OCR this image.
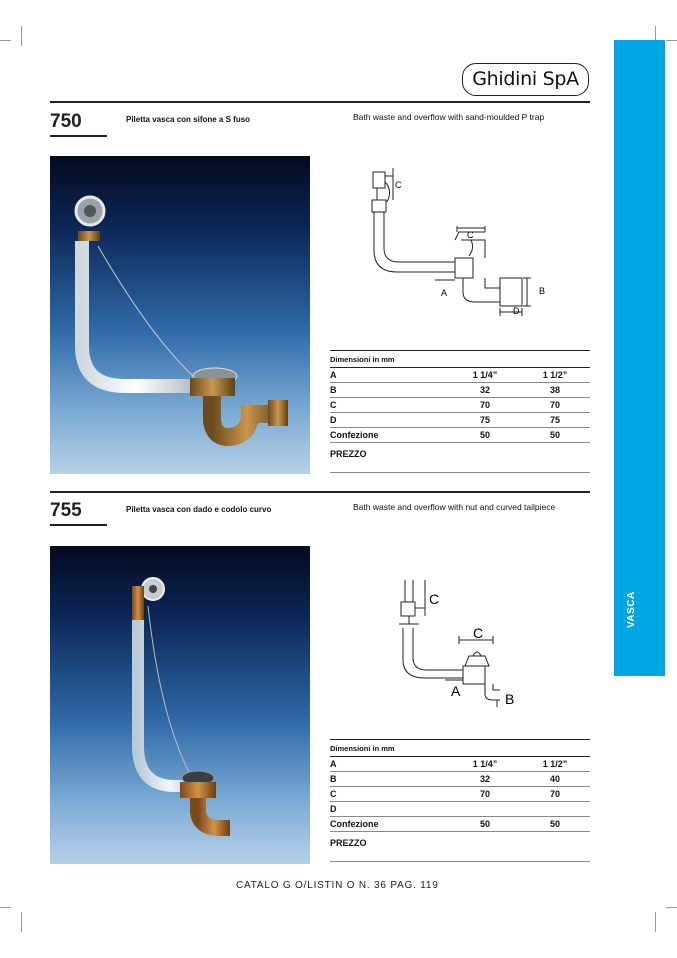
VASCA
Ghidini SpA
750	Piletta vasca con sifone a S fuso	Bath waste and overflow with sand-moulded P trap
C
C
A	B
D
Dimensioni in mm		
A	1 1/4”	1 1/2”
B	32	38
C	70	70
D	75	75
Confezione	50	50
PREZZO
755	Piletta vasca con dado e codolo curvo	Bath waste and overflow with nut and curved tailpiece
C
C
A	B
Dimensioni in mm		
A	1 1/4”	1 1/2”
B	32	40
C	70	70
D		
Confezione	50	50
PREZZO
CATALO G O/LISTIN O N. 36 PAG. 119
